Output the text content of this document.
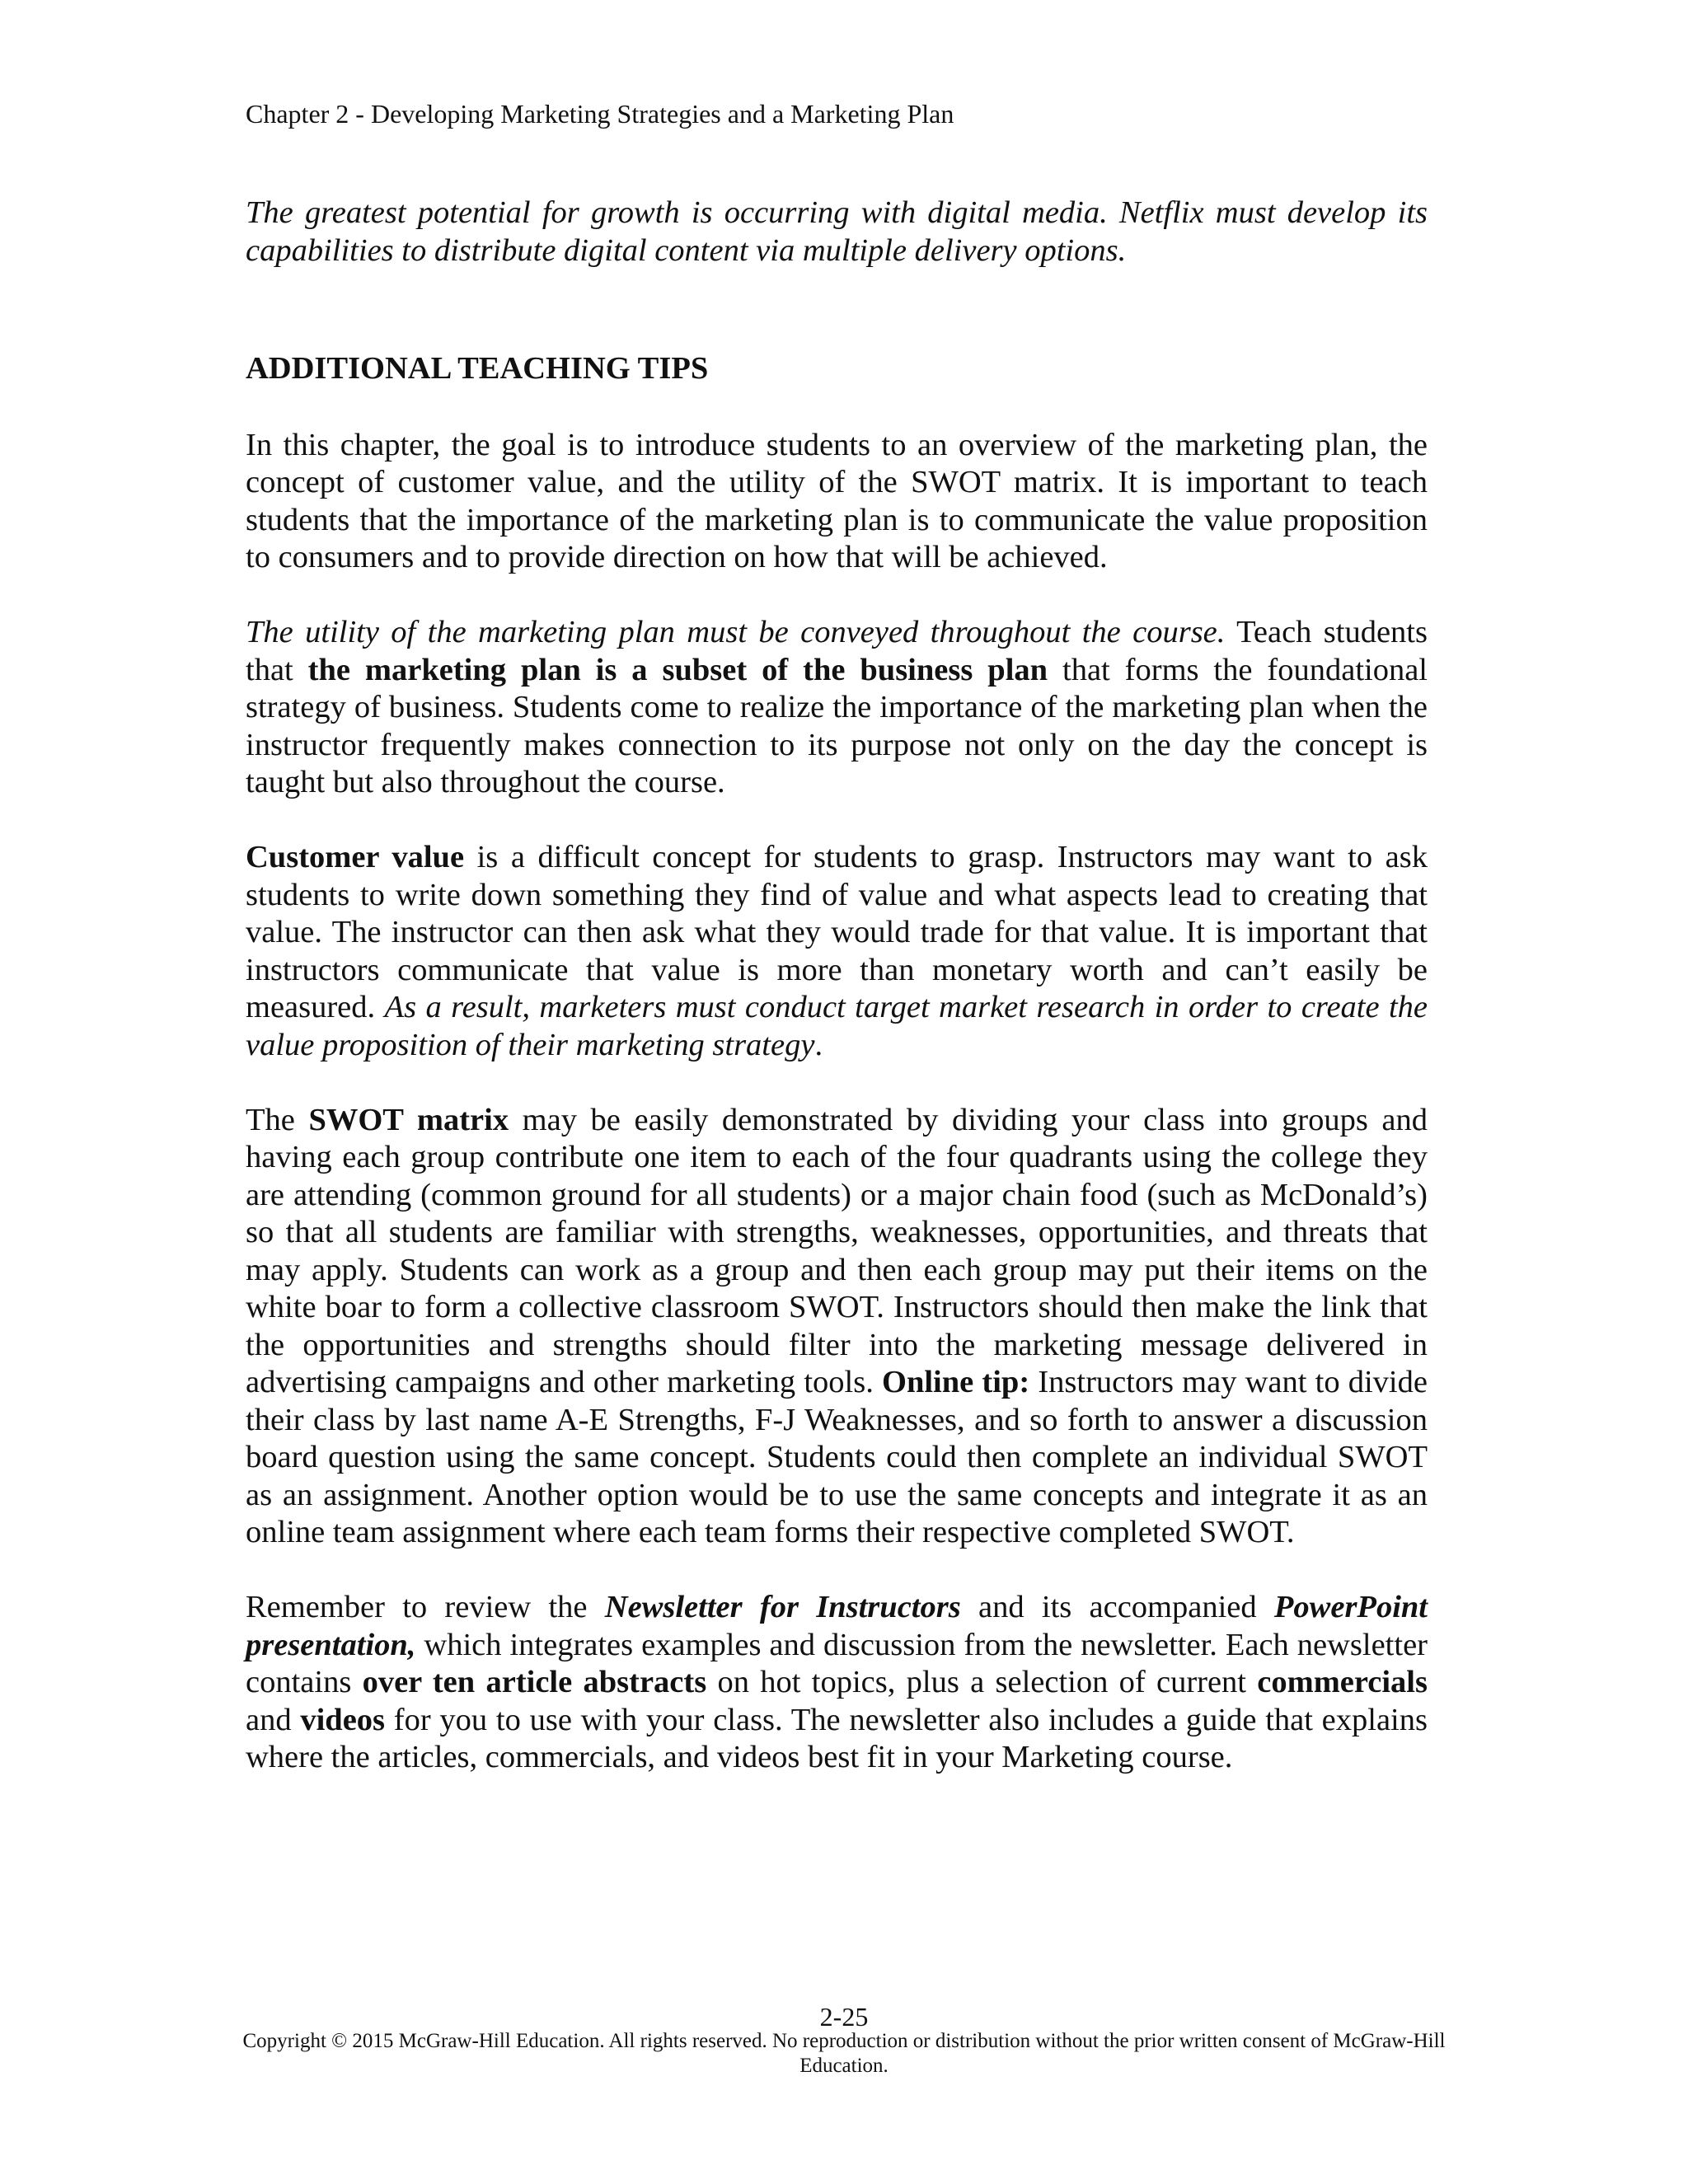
Chapter 2 - Developing Marketing Strategies and a Marketing Plan

The greatest potential for growth is occurring with digital media. Netflix must develop its capabilities to distribute digital content via multiple delivery options.

ADDITIONAL TEACHING TIPS

In this chapter, the goal is to introduce students to an overview of the marketing plan, the concept of customer value, and the utility of the SWOT matrix. It is important to teach students that the importance of the marketing plan is to communicate the value proposition to consumers and to provide direction on how that will be achieved.

The utility of the marketing plan must be conveyed throughout the course. Teach students that the marketing plan is a subset of the business plan that forms the foundational strategy of business. Students come to realize the importance of the marketing plan when the instructor frequently makes connection to its purpose not only on the day the concept is taught but also throughout the course.

Customer value is a difficult concept for students to grasp. Instructors may want to ask students to write down something they find of value and what aspects lead to creating that value. The instructor can then ask what they would trade for that value. It is important that instructors communicate that value is more than monetary worth and can’t easily be measured. As a result, marketers must conduct target market research in order to create the value proposition of their marketing strategy.

The SWOT matrix may be easily demonstrated by dividing your class into groups and having each group contribute one item to each of the four quadrants using the college they are attending (common ground for all students) or a major chain food (such as McDonald’s) so that all students are familiar with strengths, weaknesses, opportunities, and threats that may apply. Students can work as a group and then each group may put their items on the white boar to form a collective classroom SWOT. Instructors should then make the link that the opportunities and strengths should filter into the marketing message delivered in advertising campaigns and other marketing tools. Online tip: Instructors may want to divide their class by last name A-E Strengths, F-J Weaknesses, and so forth to answer a discussion board question using the same concept. Students could then complete an individual SWOT as an assignment. Another option would be to use the same concepts and integrate it as an online team assignment where each team forms their respective completed SWOT.

Remember to review the Newsletter for Instructors and its accompanied PowerPoint presentation, which integrates examples and discussion from the newsletter. Each newsletter contains over ten article abstracts on hot topics, plus a selection of current commercials and videos for you to use with your class. The newsletter also includes a guide that explains where the articles, commercials, and videos best fit in your Marketing course.

2-25
Copyright © 2015 McGraw-Hill Education. All rights reserved. No reproduction or distribution without the prior written consent of McGraw-Hill Education.
